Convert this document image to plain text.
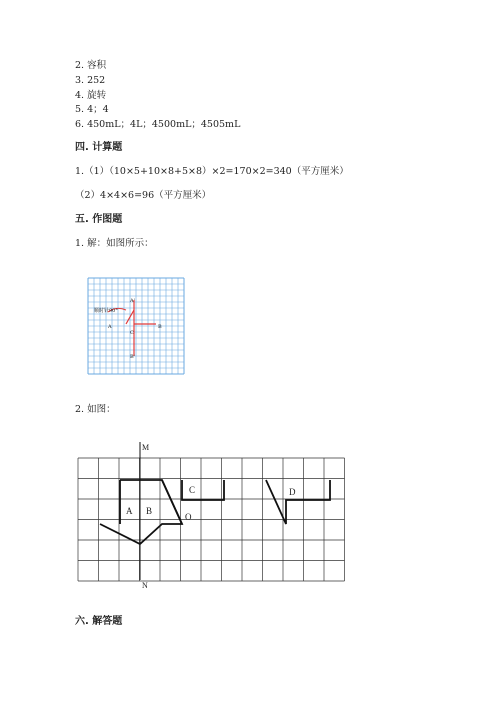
2. 容积
3. 252
4. 旋转
5. 4；4
6. 450mL；4L；4500mL；4505mL
四. 计算题
1.（1）（10×5+10×8+5×8）×2=170×2=340（平方厘米）
（2）4×4×6=96（平方厘米）
五. 作图题
1. 解：如图所示：
顺时针90°
A'
A
C
B
B'
2. 如图：
M
N
A B
C	D
O
六. 解答题
